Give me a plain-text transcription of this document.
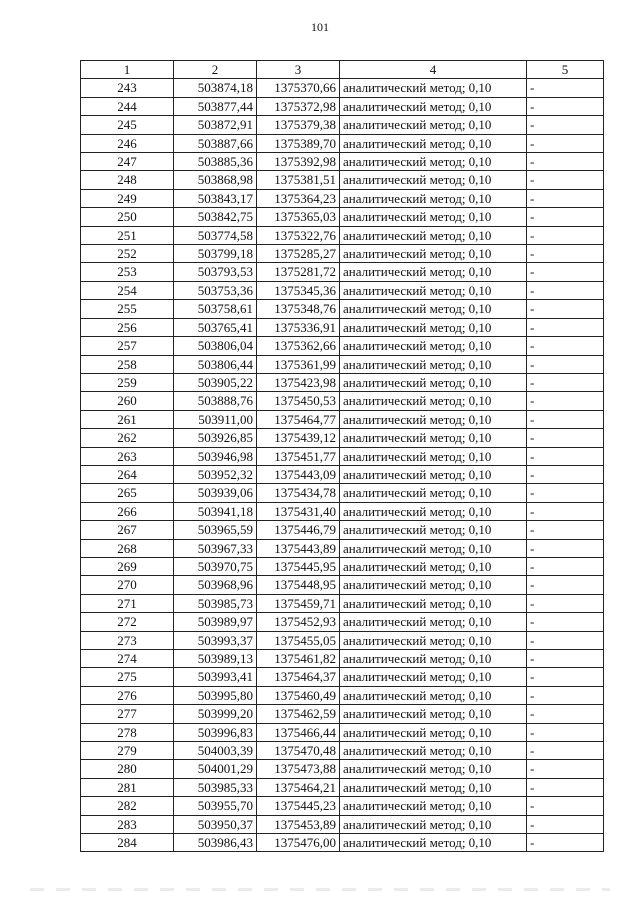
101
1	2	3	4	5
243	503874,18	1375370,66	аналитический метод; 0,10	-
244	503877,44	1375372,98	аналитический метод; 0,10	-
245	503872,91	1375379,38	аналитический метод; 0,10	-
246	503887,66	1375389,70	аналитический метод; 0,10	-
247	503885,36	1375392,98	аналитический метод; 0,10	-
248	503868,98	1375381,51	аналитический метод; 0,10	-
249	503843,17	1375364,23	аналитический метод; 0,10	-
250	503842,75	1375365,03	аналитический метод; 0,10	-
251	503774,58	1375322,76	аналитический метод; 0,10	-
252	503799,18	1375285,27	аналитический метод; 0,10	-
253	503793,53	1375281,72	аналитический метод; 0,10	-
254	503753,36	1375345,36	аналитический метод; 0,10	-
255	503758,61	1375348,76	аналитический метод; 0,10	-
256	503765,41	1375336,91	аналитический метод; 0,10	-
257	503806,04	1375362,66	аналитический метод; 0,10	-
258	503806,44	1375361,99	аналитический метод; 0,10	-
259	503905,22	1375423,98	аналитический метод; 0,10	-
260	503888,76	1375450,53	аналитический метод; 0,10	-
261	503911,00	1375464,77	аналитический метод; 0,10	-
262	503926,85	1375439,12	аналитический метод; 0,10	-
263	503946,98	1375451,77	аналитический метод; 0,10	-
264	503952,32	1375443,09	аналитический метод; 0,10	-
265	503939,06	1375434,78	аналитический метод; 0,10	-
266	503941,18	1375431,40	аналитический метод; 0,10	-
267	503965,59	1375446,79	аналитический метод; 0,10	-
268	503967,33	1375443,89	аналитический метод; 0,10	-
269	503970,75	1375445,95	аналитический метод; 0,10	-
270	503968,96	1375448,95	аналитический метод; 0,10	-
271	503985,73	1375459,71	аналитический метод; 0,10	-
272	503989,97	1375452,93	аналитический метод; 0,10	-
273	503993,37	1375455,05	аналитический метод; 0,10	-
274	503989,13	1375461,82	аналитический метод; 0,10	-
275	503993,41	1375464,37	аналитический метод; 0,10	-
276	503995,80	1375460,49	аналитический метод; 0,10	-
277	503999,20	1375462,59	аналитический метод; 0,10	-
278	503996,83	1375466,44	аналитический метод; 0,10	-
279	504003,39	1375470,48	аналитический метод; 0,10	-
280	504001,29	1375473,88	аналитический метод; 0,10	-
281	503985,33	1375464,21	аналитический метод; 0,10	-
282	503955,70	1375445,23	аналитический метод; 0,10	-
283	503950,37	1375453,89	аналитический метод; 0,10	-
284	503986,43	1375476,00	аналитический метод; 0,10	-
